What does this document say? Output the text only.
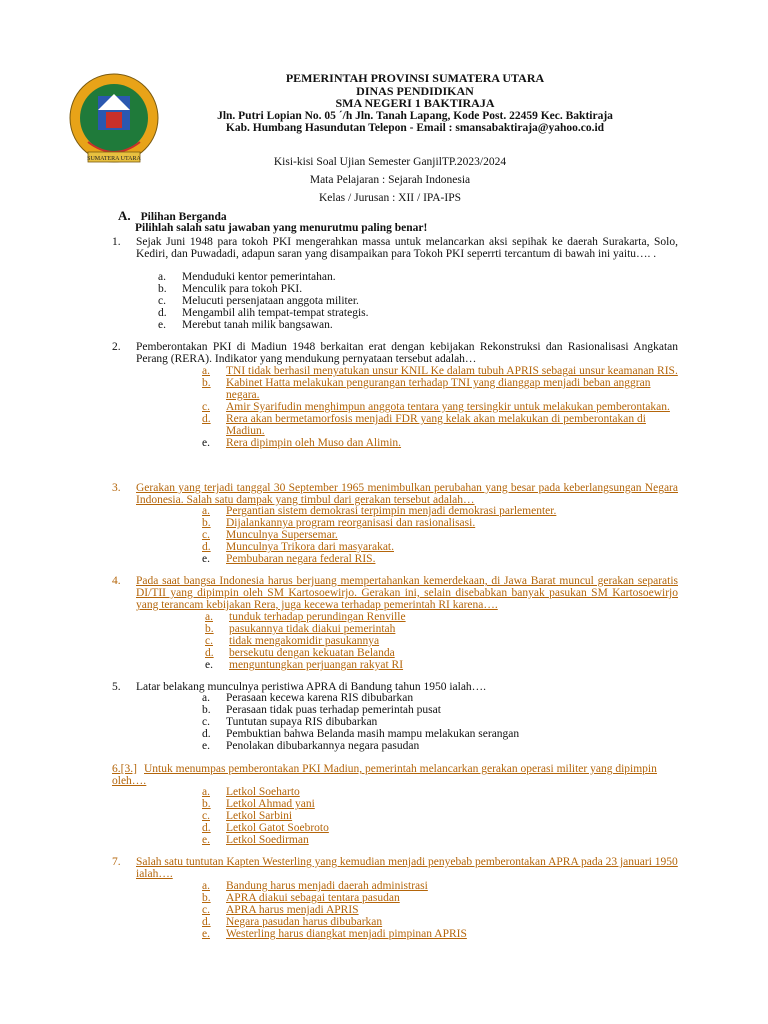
SUMATERA UTARA
PEMERINTAH PROVINSI SUMATERA UTARA
DINAS PENDIDIKAN
SMA NEGERI 1 BAKTIRAJA
Jln. Putri Lopian No. 05 ´/h Jln. Tanah Lapang, Kode Post. 22459 Kec. Baktiraja
Kab. Humbang Hasundutan Telepon - Email : smansabaktiraja@yahoo.co.id
Kisi-kisi Soal Ujian Semester GanjilTP.2023/2024
Mata Pelajaran : Sejarah Indonesia
Kelas / Jurusan : XII / IPA-IPS
A. Pilihan Berganda
Pilihlah salah satu jawaban yang menurutmu paling benar!
1. Sejak Juni 1948 para tokoh PKI mengerahkan massa untuk melancarkan aksi sepihak ke daerah Surakarta, Solo, Kediri, dan Puwadadi, adapun saran yang disampaikan para Tokoh PKI seperrti tercantum di bawah ini yaitu…. .
a. Menduduki kentor pemerintahan.
b. Menculik para tokoh PKI.
c. Melucuti persenjataan anggota militer.
d. Mengambil alih tempat-tempat strategis.
e. Merebut tanah milik bangsawan.
2. Pemberontakan PKI di Madiun 1948 berkaitan erat dengan kebijakan Rekonstruksi dan Rasionalisasi Angkatan Perang (RERA). Indikator yang mendukung pernyataan tersebut adalah…
a. TNI tidak berhasil menyatukan unsur KNIL Ke dalam tubuh APRIS sebagai unsur keamanan RIS.
b. Kabinet Hatta melakukan pengurangan terhadap TNI yang dianggap menjadi beban anggran negara.
c. Amir Syarifudin menghimpun anggota tentara yang tersingkir untuk melakukan pemberontakan.
d. Rera akan bermetamorfosis menjadi FDR yang kelak akan melakukan di pemberontakan di Madiun.
e. Rera dipimpin oleh Muso dan Alimin.
3. Gerakan yang terjadi tanggal 30 September 1965 menimbulkan perubahan yang besar pada keberlangsungan Negara Indonesia. Salah satu dampak yang timbul dari gerakan tersebut adalah…
a. Pergantian sistem demokrasi terpimpin menjadi demokrasi parlementer.
b. Dijalankannya program reorganisasi dan rasionalisasi.
c. Munculnya Supersemar.
d. Munculnya Trikora dari masyarakat.
e. Pembubaran negara federal RIS.
4. Pada saat bangsa Indonesia harus berjuang mempertahankan kemerdekaan, di Jawa Barat muncul gerakan separatis DI/TII yang dipimpin oleh SM Kartosoewirjo. Gerakan ini, selain disebabkan banyak pasukan SM Kartosoewirjo yang terancam kebijakan Rera, juga kecewa terhadap pemerintah RI karena….
a. tunduk terhadap perundingan Renville
b. pasukannya tidak diakui pemerintah
c. tidak mengakomidir pasukannya
d. bersekutu dengan kekuatan Belanda
e. menguntungkan perjuangan rakyat RI
5. Latar belakang munculnya peristiwa APRA di Bandung tahun 1950 ialah….
a. Perasaan kecewa karena RIS dibubarkan
b. Perasaan tidak puas terhadap pemerintah pusat
c. Tuntutan supaya RIS dibubarkan
d. Pembuktian bahwa Belanda masih mampu melakukan serangan
e. Penolakan dibubarkannya negara pasudan
6.[3.] Untuk menumpas pemberontakan PKI Madiun, pemerintah melancarkan gerakan operasi militer yang dipimpin oleh….
a. Letkol Soeharto
b. Letkol Ahmad yani
c. Letkol Sarbini
d. Letkol Gatot Soebroto
e. Letkol Soedirman
7. Salah satu tuntutan Kapten Westerling yang kemudian menjadi penyebab pemberontakan APRA pada 23 januari 1950 ialah….
a. Bandung harus menjadi daerah administrasi
b. APRA diakui sebagai tentara pasudan
c. APRA harus menjadi APRIS
d. Negara pasudan harus dibubarkan
e. Westerling harus diangkat menjadi pimpinan APRIS
